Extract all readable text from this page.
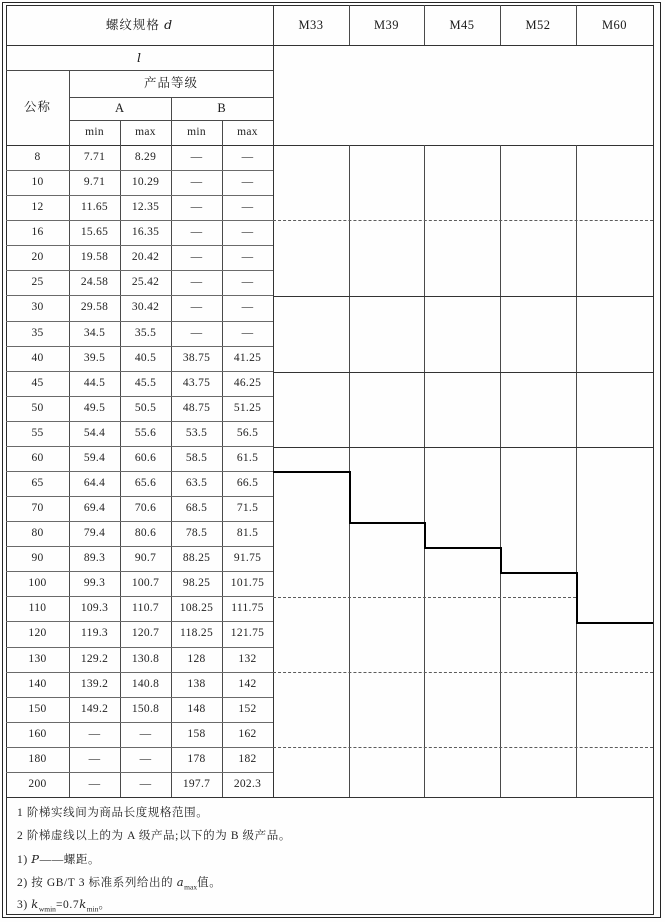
螺纹规格 d
l
公称
产品等级
A	B
min	max	min	max
M33	M39	M45	M52	M60
1 阶梯实线间为商品长度规格范围。
2 阶梯虚线以上的为 A 级产品;以下的为 B 级产品。
1) P——螺距。
2) 按 GB/T 3 标准系列给出的 $a_{max}$值。
3) $k_{wmin}=0.7k_{min}$。
8	7.71	8.29	—	—
10	9.71	10.29	—	—
12	11.65	12.35	—	—
16	15.65	16.35	—	—
20	19.58	20.42	—	—
25	24.58	25.42	—	—
30	29.58	30.42	—	—
35	34.5	35.5	—	—
40	39.5	40.5	38.75	41.25
45	44.5	45.5	43.75	46.25
50	49.5	50.5	48.75	51.25
55	54.4	55.6	53.5	56.5
60	59.4	60.6	58.5	61.5
65	64.4	65.6	63.5	66.5
70	69.4	70.6	68.5	71.5
80	79.4	80.6	78.5	81.5
90	89.3	90.7	88.25	91.75
100	99.3	100.7	98.25	101.75
110	109.3	110.7	108.25	111.75
120	119.3	120.7	118.25	121.75
130	129.2	130.8	128	132
140	139.2	140.8	138	142
150	149.2	150.8	148	152
160	—	—	158	162
180	—	—	178	182
200	—	—	197.7	202.3
